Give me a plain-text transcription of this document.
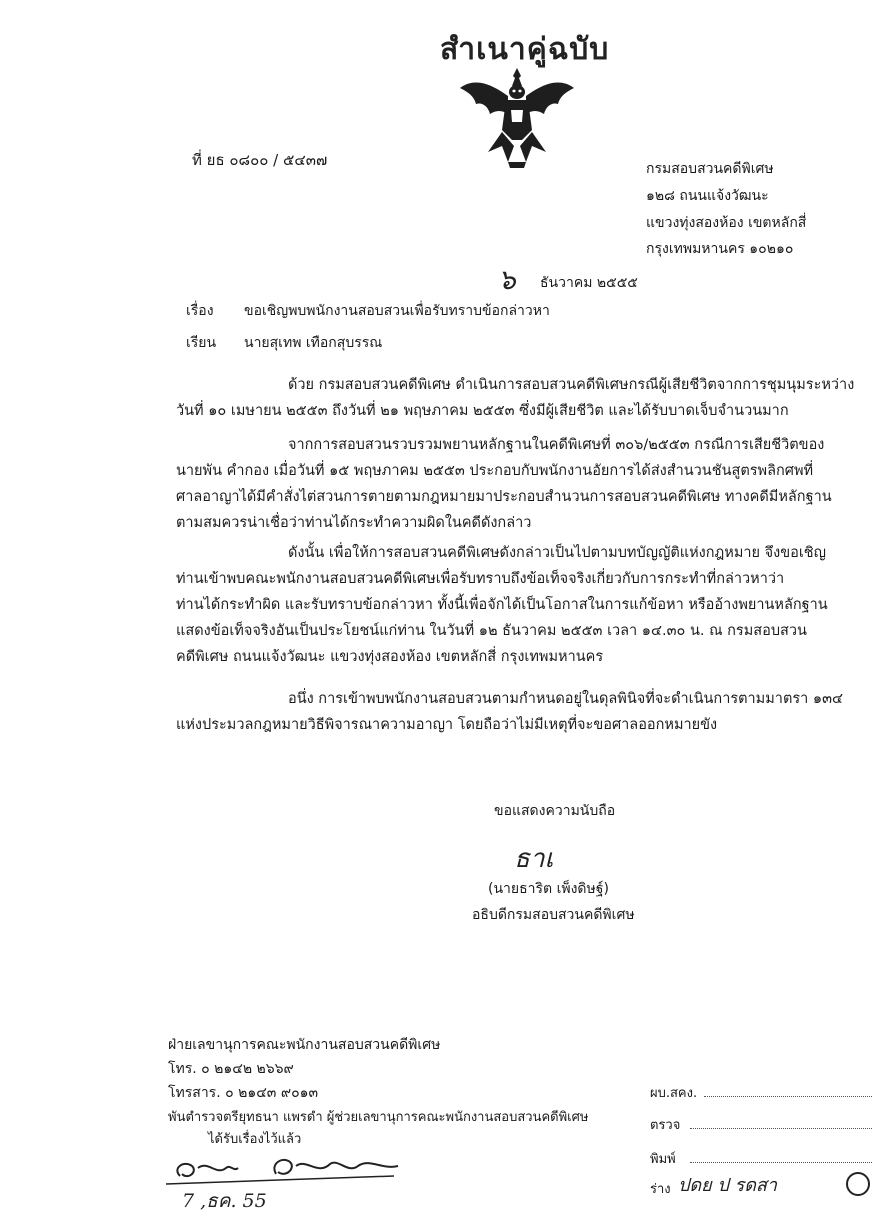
สำเนาคู่ฉบับ
ที่ ยธ ๐๘๐๐ / ๕๔๓๗	กรมสอบสวนคดีพิเศษ
๑๒๘ ถนนแจ้งวัฒนะ
แขวงทุ่งสองห้อง เขตหลักสี่
กรุงเทพมหานคร ๑๐๒๑๐
๖ ธันวาคม ๒๕๕๕
เรื่อง ขอเชิญพบพนักงานสอบสวนเพื่อรับทราบข้อกล่าวหา
เรียน นายสุเทพ เทือกสุบรรณ
ด้วย กรมสอบสวนคดีพิเศษ ดำเนินการสอบสวนคดีพิเศษกรณีผู้เสียชีวิตจากการชุมนุมระหว่าง
วันที่ ๑๐ เมษายน ๒๕๕๓ ถึงวันที่ ๒๑ พฤษภาคม ๒๕๕๓ ซึ่งมีผู้เสียชีวิต และได้รับบาดเจ็บจำนวนมาก
จากการสอบสวนรวบรวมพยานหลักฐานในคดีพิเศษที่ ๓๐๖/๒๕๕๓ กรณีการเสียชีวิตของ
นายพัน คำกอง เมื่อวันที่ ๑๕ พฤษภาคม ๒๕๕๓ ประกอบกับพนักงานอัยการได้ส่งสำนวนชันสูตรพลิกศพที่
ศาลอาญาได้มีคำสั่งไต่สวนการตายตามกฎหมายมาประกอบสำนวนการสอบสวนคดีพิเศษ ทางคดีมีหลักฐาน
ตามสมควรน่าเชื่อว่าท่านได้กระทำความผิดในคดีดังกล่าว
ดังนั้น เพื่อให้การสอบสวนคดีพิเศษดังกล่าวเป็นไปตามบทบัญญัติแห่งกฎหมาย จึงขอเชิญ
ท่านเข้าพบคณะพนักงานสอบสวนคดีพิเศษเพื่อรับทราบถึงข้อเท็จจริงเกี่ยวกับการกระทำที่กล่าวหาว่า
ท่านได้กระทำผิด และรับทราบข้อกล่าวหา ทั้งนี้เพื่อจักได้เป็นโอกาสในการแก้ข้อหา หรืออ้างพยานหลักฐาน
แสดงข้อเท็จจริงอันเป็นประโยชน์แก่ท่าน ในวันที่ ๑๒ ธันวาคม ๒๕๕๓ เวลา ๑๔.๓๐ น. ณ กรมสอบสวน
คดีพิเศษ ถนนแจ้งวัฒนะ แขวงทุ่งสองห้อง เขตหลักสี่ กรุงเทพมหานคร
อนึ่ง การเข้าพบพนักงานสอบสวนตามกำหนดอยู่ในดุลพินิจที่จะดำเนินการตามมาตรา ๑๓๔
แห่งประมวลกฎหมายวิธีพิจารณาความอาญา โดยถือว่าไม่มีเหตุที่จะขอศาลออกหมายขัง
ขอแสดงความนับถือ
ธาเ
(นายธาริต เพ็งดิษฐ์)
อธิบดีกรมสอบสวนคดีพิเศษ
ฝ่ายเลขานุการคณะพนักงานสอบสวนคดีพิเศษ
โทร. ๐ ๒๑๔๒ ๒๖๖๙
โทรสาร. ๐ ๒๑๔๓ ๙๐๑๓
พันตำรวจตรียุทธนา แพรดำ ผู้ช่วยเลขานุการคณะพนักงานสอบสวนคดีพิเศษ
ได้รับเรื่องไว้แล้ว
7 ,ธค. 55
ผบ.สคง.
ตรวจ
พิมพ์
ร่าง ปดย ป รดสา
